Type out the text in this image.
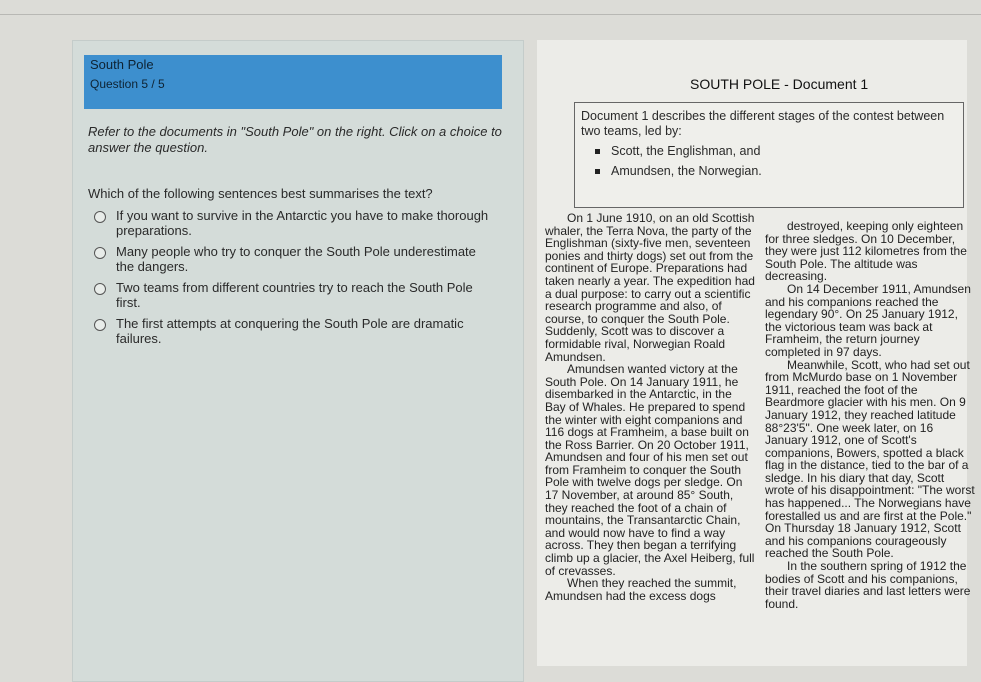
South Pole
Question 5 / 5

Refer to the documents in "South Pole" on the right. Click on a choice to answer the question.

Which of the following sentences best summarises the text?
If you want to survive in the Antarctic you have to make thorough preparations.
Many people who try to conquer the South Pole underestimate the dangers.
Two teams from different countries try to reach the South Pole first.
The first attempts at conquering the South Pole are dramatic failures.
SOUTH POLE - Document 1
Document 1 describes the different stages of the contest between two teams, led by:
Scott, the Englishman, and
Amundsen, the Norwegian.

On 1 June 1910, on an old Scottish whaler, the Terra Nova, the party of the Englishman (sixty-five men, seventeen ponies and thirty dogs) set out from the continent of Europe. Preparations had taken nearly a year. The expedition had a dual purpose: to carry out a scientific research programme and also, of course, to conquer the South Pole. Suddenly, Scott was to discover a formidable rival, Norwegian Roald Amundsen.

Amundsen wanted victory at the South Pole. On 14 January 1911, he disembarked in the Antarctic, in the Bay of Whales. He prepared to spend the winter with eight companions and 116 dogs at Framheim, a base built on the Ross Barrier. On 20 October 1911, Amundsen and four of his men set out from Framheim to conquer the South Pole with twelve dogs per sledge. On 17 November, at around 85° South, they reached the foot of a chain of mountains, the Transantarctic Chain, and would now have to find a way across. They then began a terrifying climb up a glacier, the Axel Heiberg, full of crevasses.

When they reached the summit, Amundsen had the excess dogs

destroyed, keeping only eighteen for three sledges. On 10 December, they were just 112 kilometres from the South Pole. The altitude was decreasing.

On 14 December 1911, Amundsen and his companions reached the legendary 90°. On 25 January 1912, the victorious team was back at Framheim, the return journey completed in 97 days.

Meanwhile, Scott, who had set out from McMurdo base on 1 November 1911, reached the foot of the Beardmore glacier with his men. On 9 January 1912, they reached latitude 88°23'5". One week later, on 16 January 1912, one of Scott's companions, Bowers, spotted a black flag in the distance, tied to the bar of a sledge. In his diary that day, Scott wrote of his disappointment: "The worst has happened... The Norwegians have forestalled us and are first at the Pole." On Thursday 18 January 1912, Scott and his companions courageously reached the South Pole.

In the southern spring of 1912 the bodies of Scott and his companions, their travel diaries and last letters were found.
